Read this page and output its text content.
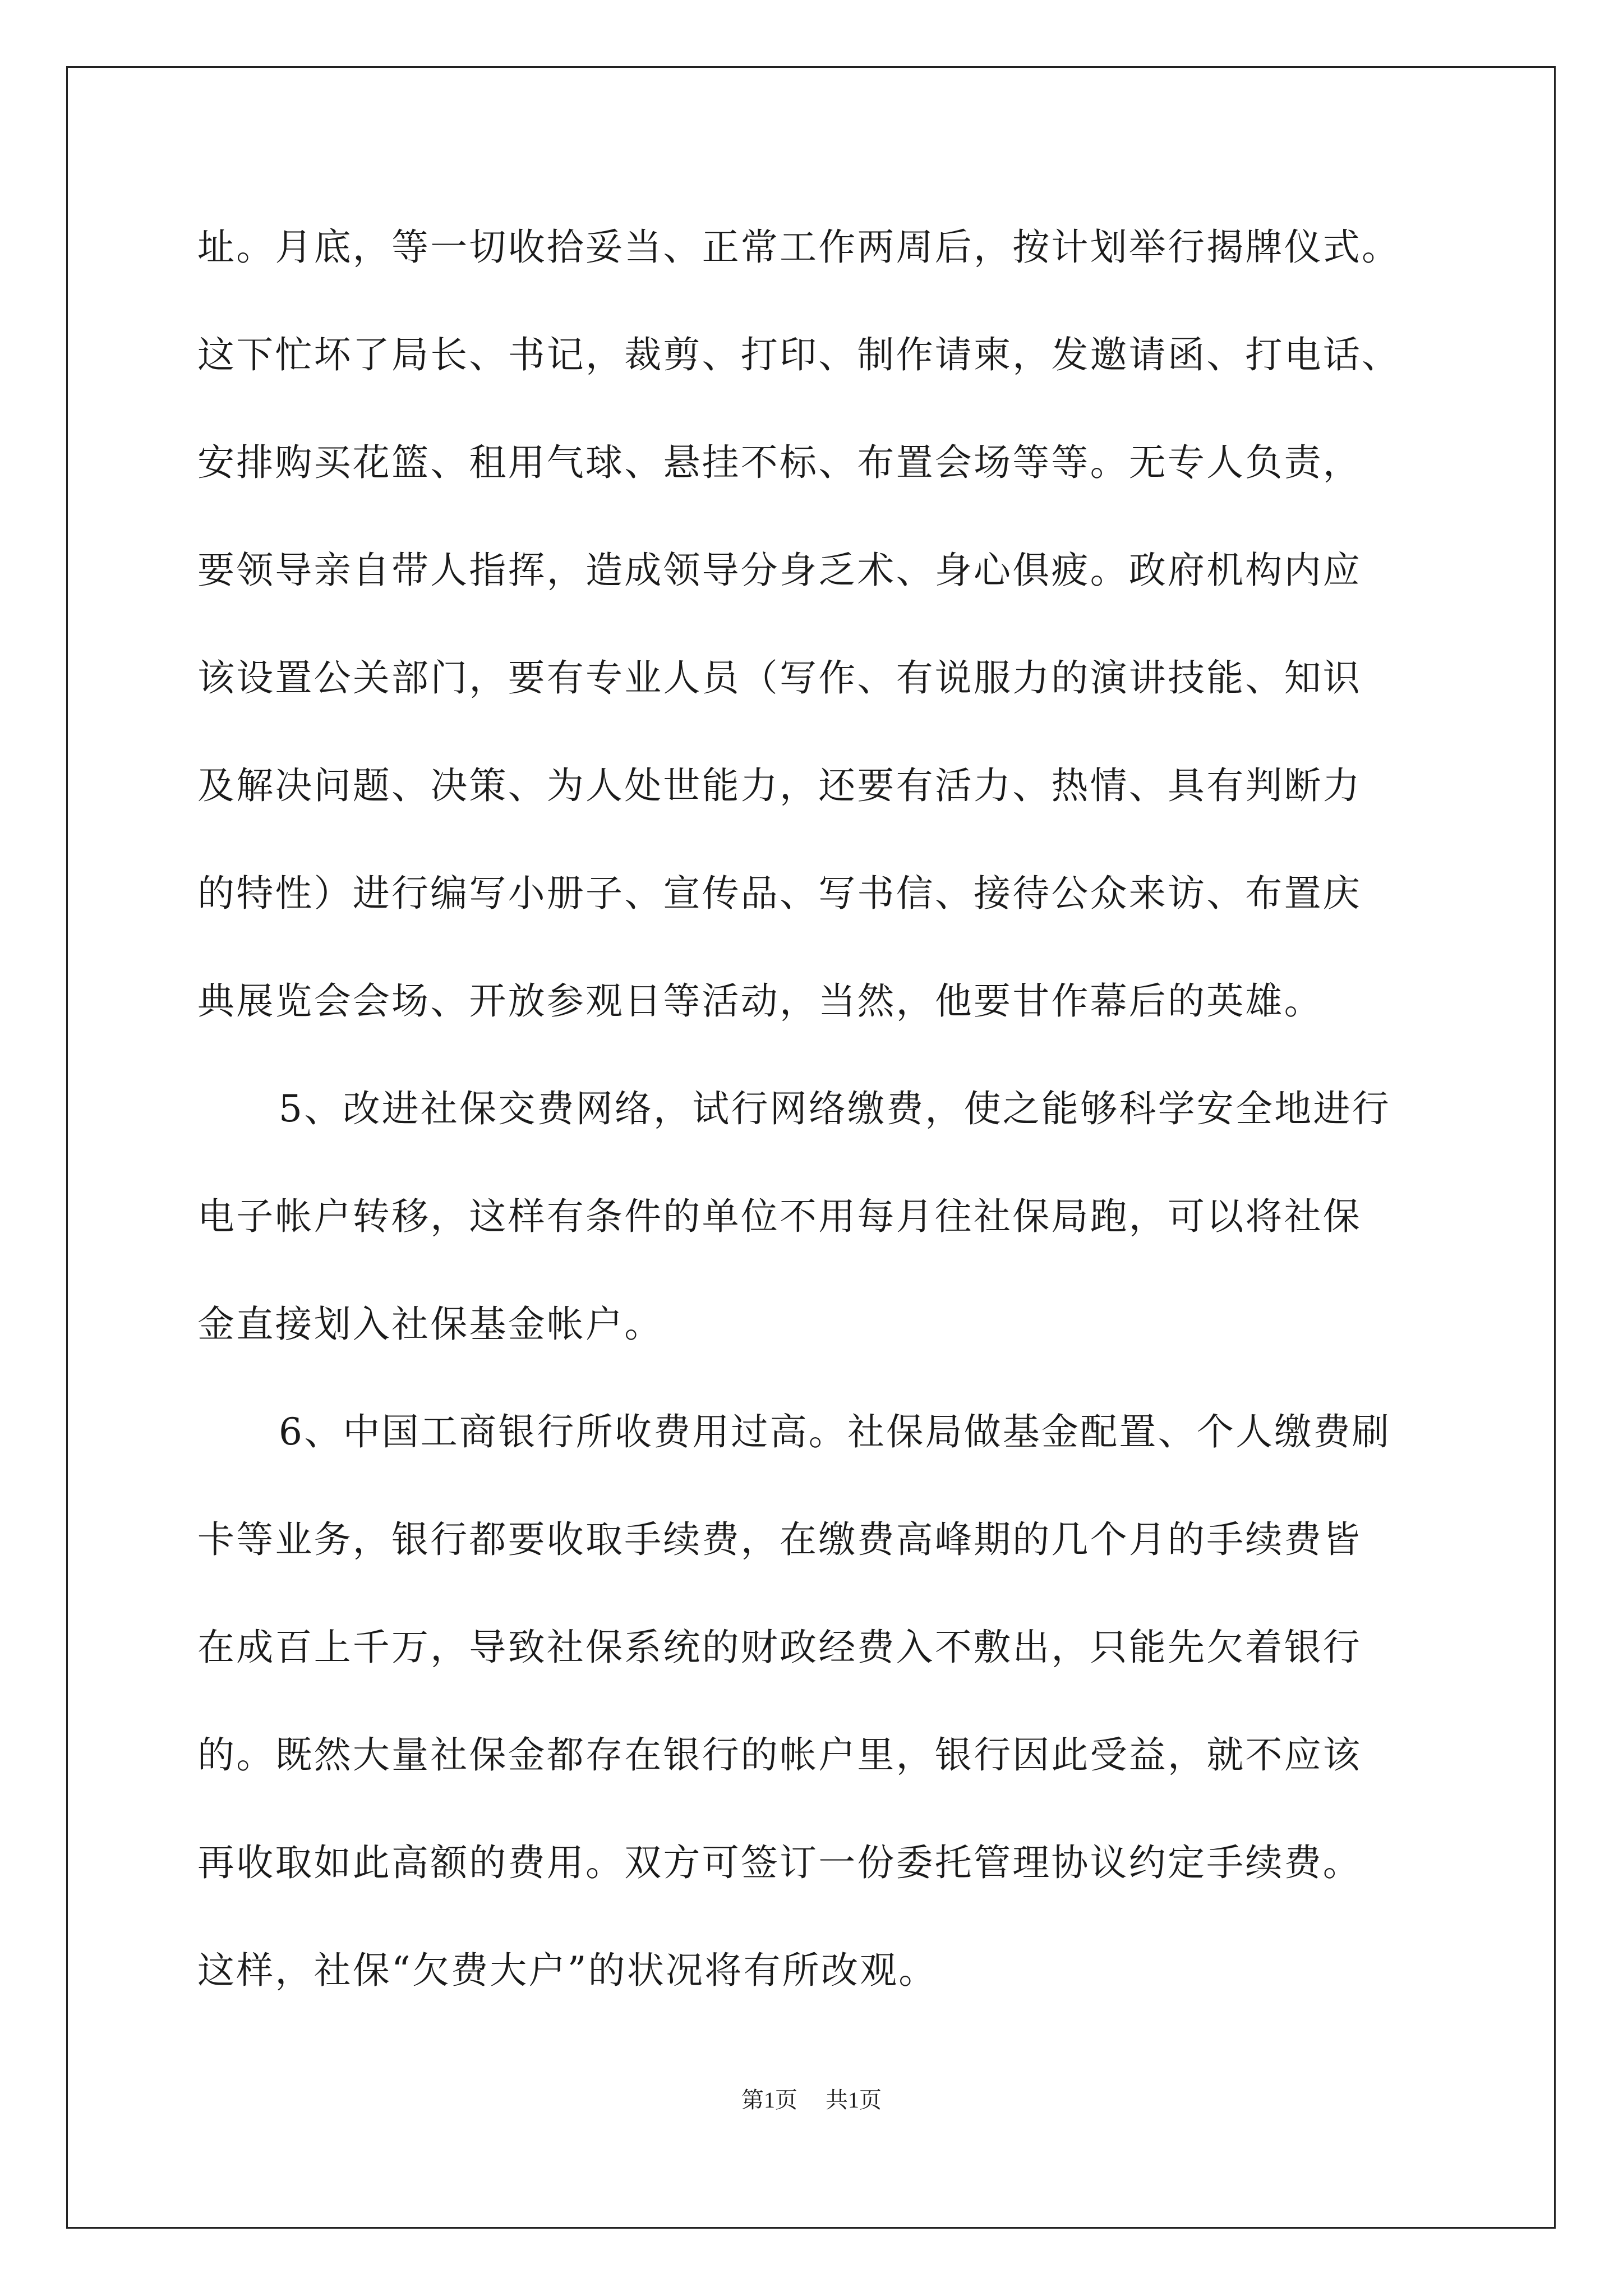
址。月底，等一切收拾妥当、正常工作两周后，按计划举行揭牌仪式。
这下忙坏了局长、书记，裁剪、打印、制作请柬，发邀请函、打电话、
安排购买花篮、租用气球、悬挂不标、布置会场等等。无专人负责，
要领导亲自带人指挥，造成领导分身乏术、身心俱疲。政府机构内应
该设置公关部门，要有专业人员（写作、有说服力的演讲技能、知识
及解决问题、决策、为人处世能力，还要有活力、热情、具有判断力
的特性）进行编写小册子、宣传品、写书信、接待公众来访、布置庆
典展览会会场、开放参观日等活动，当然，他要甘作幕后的英雄。
5、改进社保交费网络，试行网络缴费，使之能够科学安全地进行
电子帐户转移，这样有条件的单位不用每月往社保局跑，可以将社保
金直接划入社保基金帐户。
6、中国工商银行所收费用过高。社保局做基金配置、个人缴费刷
卡等业务，银行都要收取手续费，在缴费高峰期的几个月的手续费皆
在成百上千万，导致社保系统的财政经费入不敷出，只能先欠着银行
的。既然大量社保金都存在银行的帐户里，银行因此受益，就不应该
再收取如此高额的费用。双方可签订一份委托管理协议约定手续费。
这样，社保“欠费大户”的状况将有所改观。
第1页 共1页
